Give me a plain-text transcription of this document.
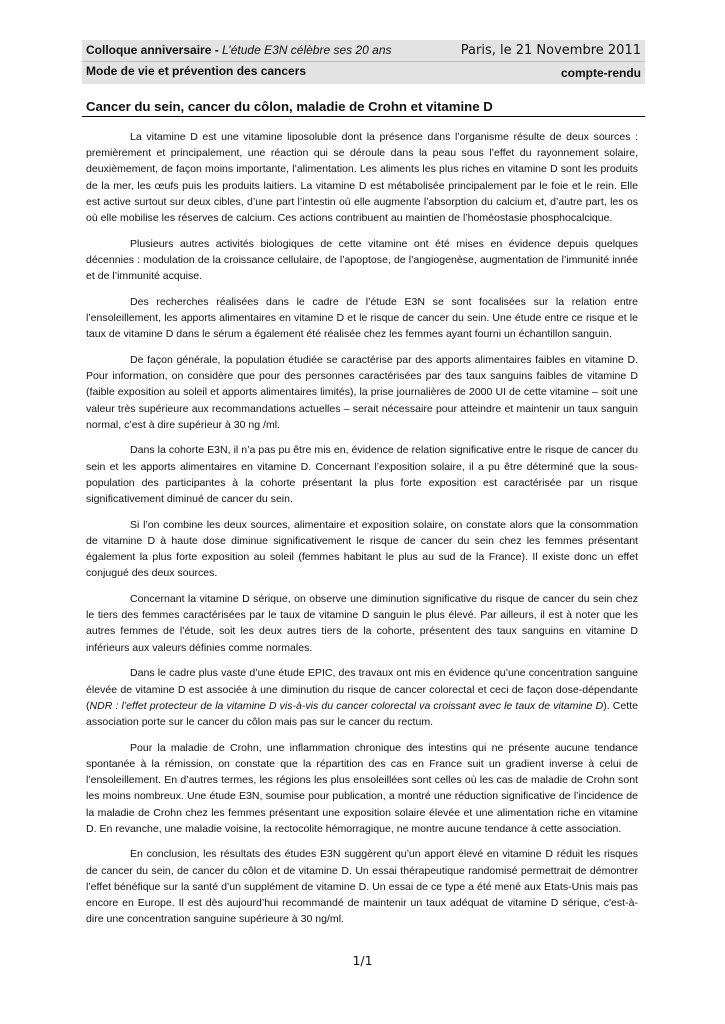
Colloque anniversaire - L’étude E3N célèbre ses 20 ans	Paris, le 21 Novembre 2011
Mode de vie et prévention des cancers	compte-rendu
Cancer du sein, cancer du côlon, maladie de Crohn et vitamine D

La vitamine D est une vitamine liposoluble dont la présence dans l’organisme résulte de deux sources : premièrement et principalement, une réaction qui se déroule dans la peau sous l’effet du rayonnement solaire, deuxièmement, de façon moins importante, l’alimentation. Les aliments les plus riches en vitamine D sont les produits de la mer, les œufs puis les produits laitiers. La vitamine D est métabolisée principalement par le foie et le rein. Elle est active surtout sur deux cibles, d’une part l’intestin où elle augmente l’absorption du calcium et, d’autre part, les os où elle mobilise les réserves de calcium. Ces actions contribuent au maintien de l’homéostasie phosphocalcique.

Plusieurs autres activités biologiques de cette vitamine ont été mises en évidence depuis quelques décennies : modulation de la croissance cellulaire, de l’apoptose, de l’angiogenèse, augmentation de l’immunité innée et de l’immunité acquise.

Des recherches réalisées dans le cadre de l’étude E3N se sont focalisées sur la relation entre l’ensoleillement, les apports alimentaires en vitamine D et le risque de cancer du sein. Une étude entre ce risque et le taux de vitamine D dans le sérum a également été réalisée chez les femmes ayant fourni un échantillon sanguin.

De façon générale, la population étudiée se caractérise par des apports alimentaires faibles en vitamine D. Pour information, on considère que pour des personnes caractérisées par des taux sanguins faibles de vitamine D (faible exposition au soleil et apports alimentaires limités), la prise journalières de 2000 UI de cette vitamine – soit une valeur très supérieure aux recommandations actuelles – serait nécessaire pour atteindre et maintenir un taux sanguin normal, c’est à dire supérieur à 30 ng /ml.

Dans la cohorte E3N, il n’a pas pu être mis en, évidence de relation significative entre le risque de cancer du sein et les apports alimentaires en vitamine D. Concernant l’exposition solaire, il a pu être déterminé que la sous-population des participantes à la cohorte présentant la plus forte exposition est caractérisée par un risque significativement diminué de cancer du sein.

Si l’on combine les deux sources, alimentaire et exposition solaire, on constate alors que la consommation de vitamine D à haute dose diminue significativement le risque de cancer du sein chez les femmes présentant également la plus forte exposition au soleil (femmes habitant le plus au sud de la France). Il existe donc un effet conjugué des deux sources.

Concernant la vitamine D sérique, on observe une diminution significative du risque de cancer du sein chez le tiers des femmes caractérisées par le taux de vitamine D sanguin le plus élevé. Par ailleurs, il est à noter que les autres femmes de l’étude, soit les deux autres tiers de la cohorte, présentent des taux sanguins en vitamine D inférieurs aux valeurs définies comme normales.

Dans le cadre plus vaste d’une étude EPIC, des travaux ont mis en évidence qu’une concentration sanguine élevée de vitamine D est associée à une diminution du risque de cancer colorectal et ceci de façon dose-dépendante (NDR : l’effet protecteur de la vitamine D vis-à-vis du cancer colorectal va croissant avec le taux de vitamine D). Cette association porte sur le cancer du côlon mais pas sur le cancer du rectum.

Pour la maladie de Crohn, une inflammation chronique des intestins qui ne présente aucune tendance spontanée à la rémission, on constate que la répartition des cas en France suit un gradient inverse à celui de l’ensoleillement. En d’autres termes, les régions les plus ensoleillées sont celles où les cas de maladie de Crohn sont les moins nombreux. Une étude E3N, soumise pour publication, a montré une réduction significative de l’incidence de la maladie de Crohn chez les femmes présentant une exposition solaire élevée et une alimentation riche en vitamine D. En revanche, une maladie voisine, la rectocolite hémorragique, ne montre aucune tendance à cette association.

En conclusion, les résultats des études E3N suggèrent qu’un apport élevé en vitamine D réduit les risques de cancer du sein, de cancer du côlon et de vitamine D. Un essai thérapeutique randomisé permettrait de démontrer l’effet bénéfique sur la santé d’un supplément de vitamine D. Un essai de ce type a été mené aux Etats-Unis mais pas encore en Europe. Il est dès aujourd’hui recommandé de maintenir un taux adéquat de vitamine D sérique, c'est-à-dire une concentration sanguine supérieure à 30 ng/ml.

1/1
